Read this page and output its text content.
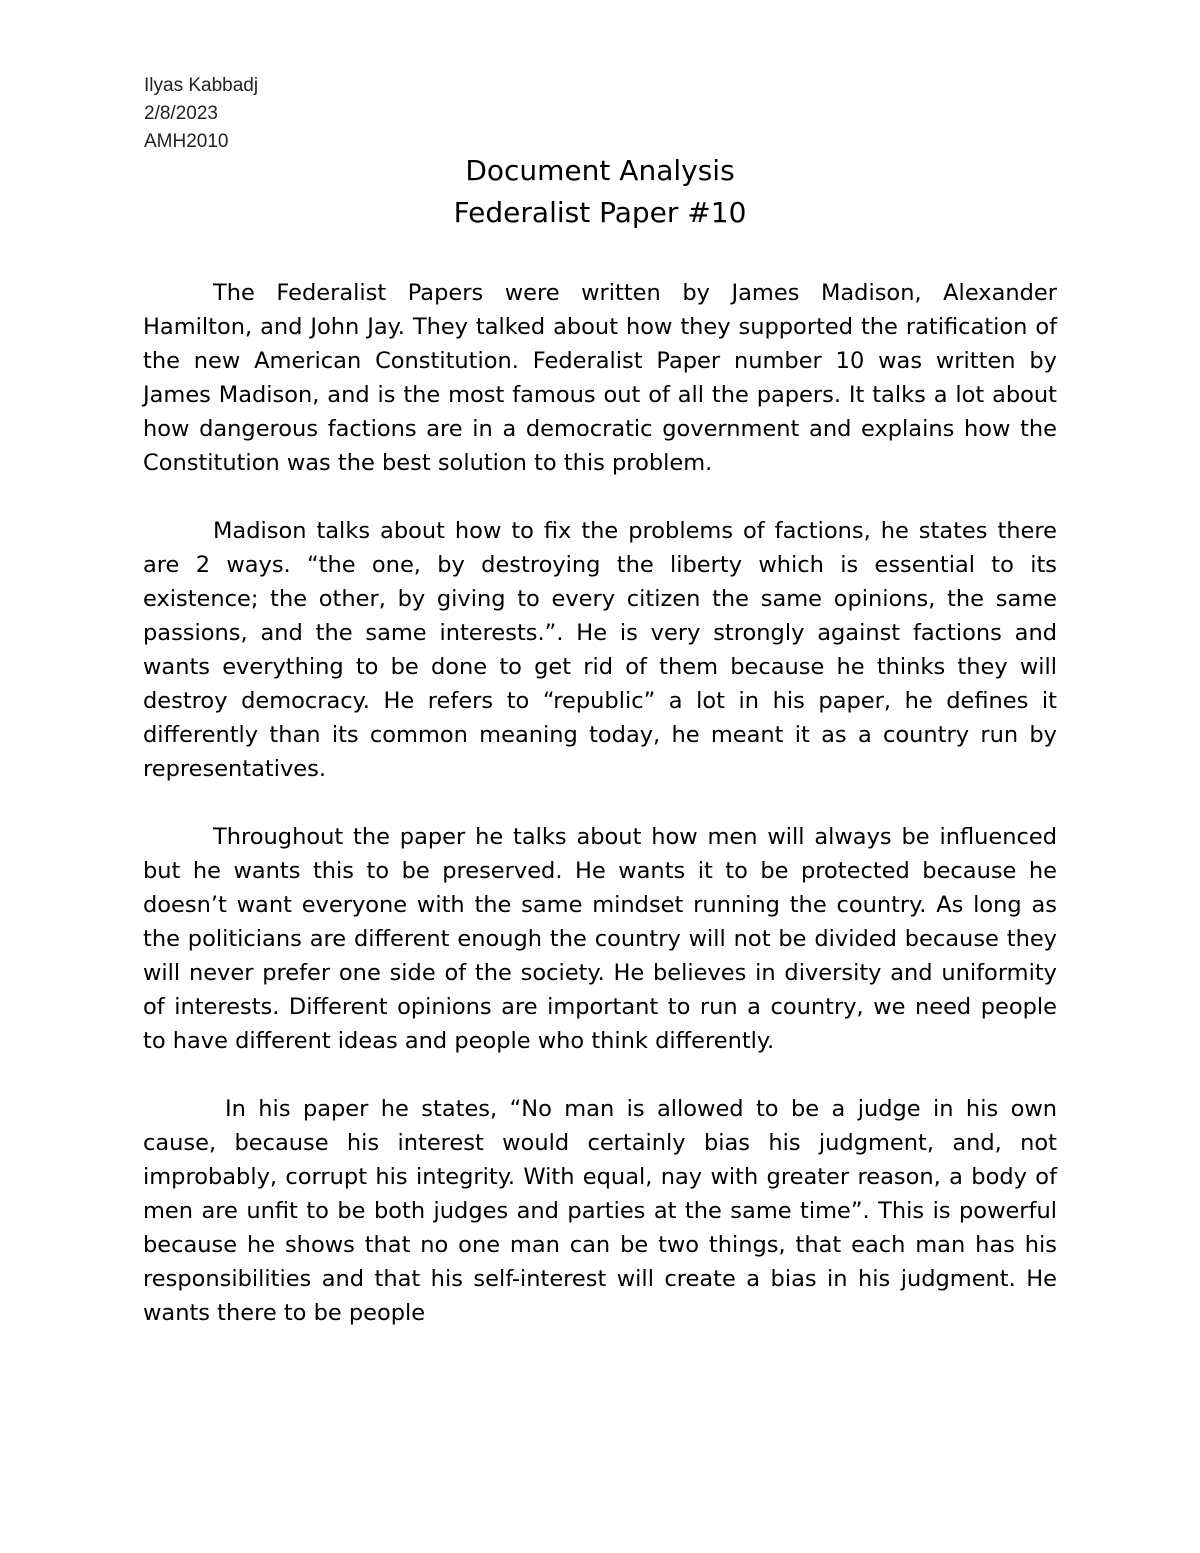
Ilyas Kabbadj
2/8/2023
AMH2010
Document Analysis
Federalist Paper #10

The Federalist Papers were written by James Madison, Alexander Hamilton, and John Jay. They talked about how they supported the ratification of the new American Constitution. Federalist Paper number 10 was written by James Madison, and is the most famous out of all the papers. It talks a lot about how dangerous factions are in a democratic government and explains how the Constitution was the best solution to this problem.

Madison talks about how to fix the problems of factions, he states there are 2 ways. “the one, by destroying the liberty which is essential to its existence; the other, by giving to every citizen the same opinions, the same passions, and the same interests.”. He is very strongly against factions and wants everything to be done to get rid of them because he thinks they will destroy democracy. He refers to “republic” a lot in his paper, he defines it differently than its common meaning today, he meant it as a country run by representatives.

Throughout the paper he talks about how men will always be influenced but he wants this to be preserved. He wants it to be protected because he doesn’t want everyone with the same mindset running the country. As long as the politicians are different enough the country will not be divided because they will never prefer one side of the society. He believes in diversity and uniformity of interests. Different opinions are important to run a country, we need people to have different ideas and people who think differently.

In his paper he states, “No man is allowed to be a judge in his own cause, because his interest would certainly bias his judgment, and, not improbably, corrupt his integrity. With equal, nay with greater reason, a body of men are unfit to be both judges and parties at the same time”. This is powerful because he shows that no one man can be two things, that each man has his responsibilities and that his self-interest will create a bias in his judgment. He wants there to be people
